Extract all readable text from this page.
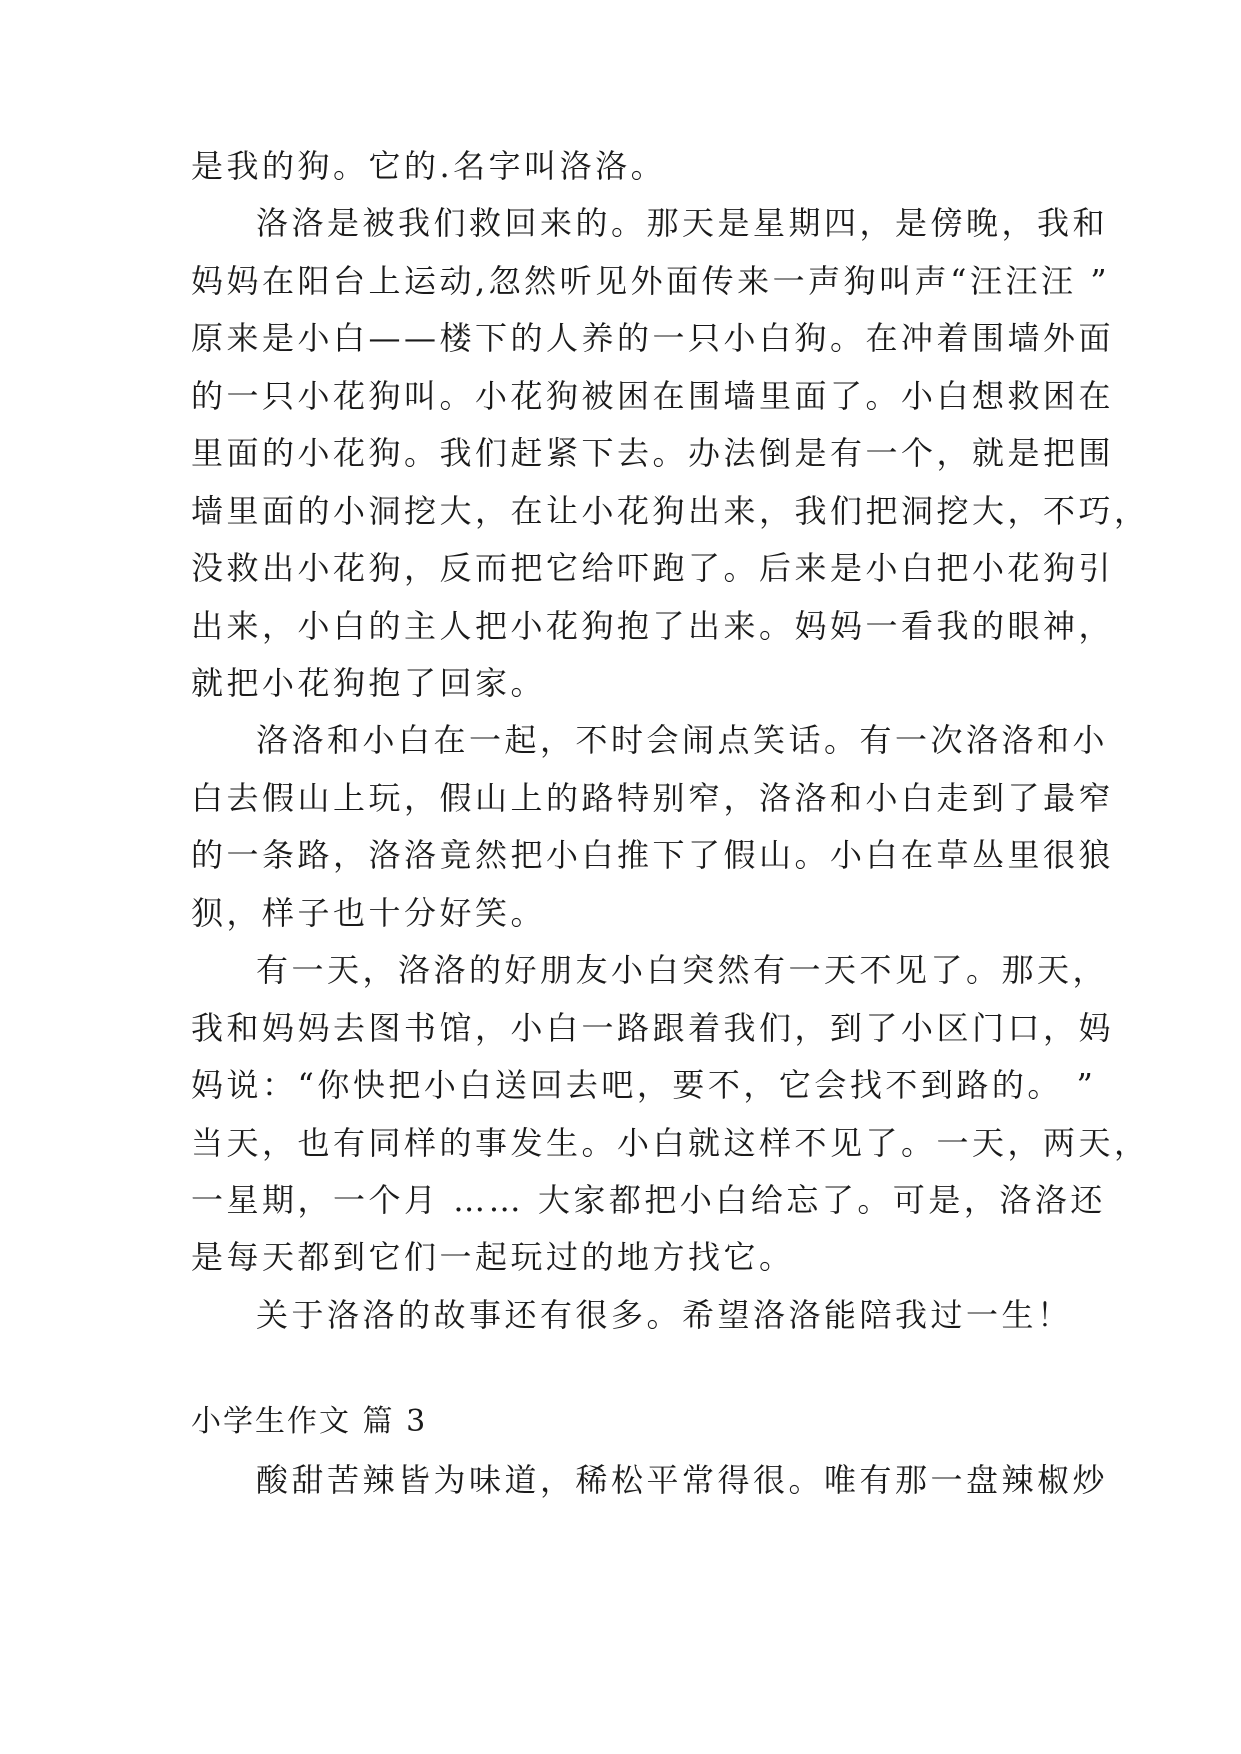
是我的狗。它的.名字叫洛洛。
洛洛是被我们救回来的。那天是星期四，是傍晚，我和
妈妈在阳台上运动,忽然听见外面传来一声狗叫声“汪汪汪 ”
原来是小白——楼下的人养的一只小白狗。在冲着围墙外面
的一只小花狗叫。小花狗被困在围墙里面了。小白想救困在
里面的小花狗。我们赶紧下去。办法倒是有一个，就是把围
墙里面的小洞挖大，在让小花狗出来，我们把洞挖大，不巧，
没救出小花狗，反而把它给吓跑了。后来是小白把小花狗引
出来，小白的主人把小花狗抱了出来。妈妈一看我的眼神，
就把小花狗抱了回家。
洛洛和小白在一起，不时会闹点笑话。有一次洛洛和小
白去假山上玩，假山上的路特别窄，洛洛和小白走到了最窄
的一条路，洛洛竟然把小白推下了假山。小白在草丛里很狼
狈，样子也十分好笑。
有一天，洛洛的好朋友小白突然有一天不见了。那天，
我和妈妈去图书馆，小白一路跟着我们，到了小区门口，妈
妈说：“你快把小白送回去吧，要不，它会找不到路的。 ”
当天，也有同样的事发生。小白就这样不见了。一天，两天，
一星期，一个月 …… 大家都把小白给忘了。可是，洛洛还
是每天都到它们一起玩过的地方找它。
关于洛洛的故事还有很多。希望洛洛能陪我过一生！
小学生作文 篇 3
酸甜苦辣皆为味道，稀松平常得很。唯有那一盘辣椒炒
